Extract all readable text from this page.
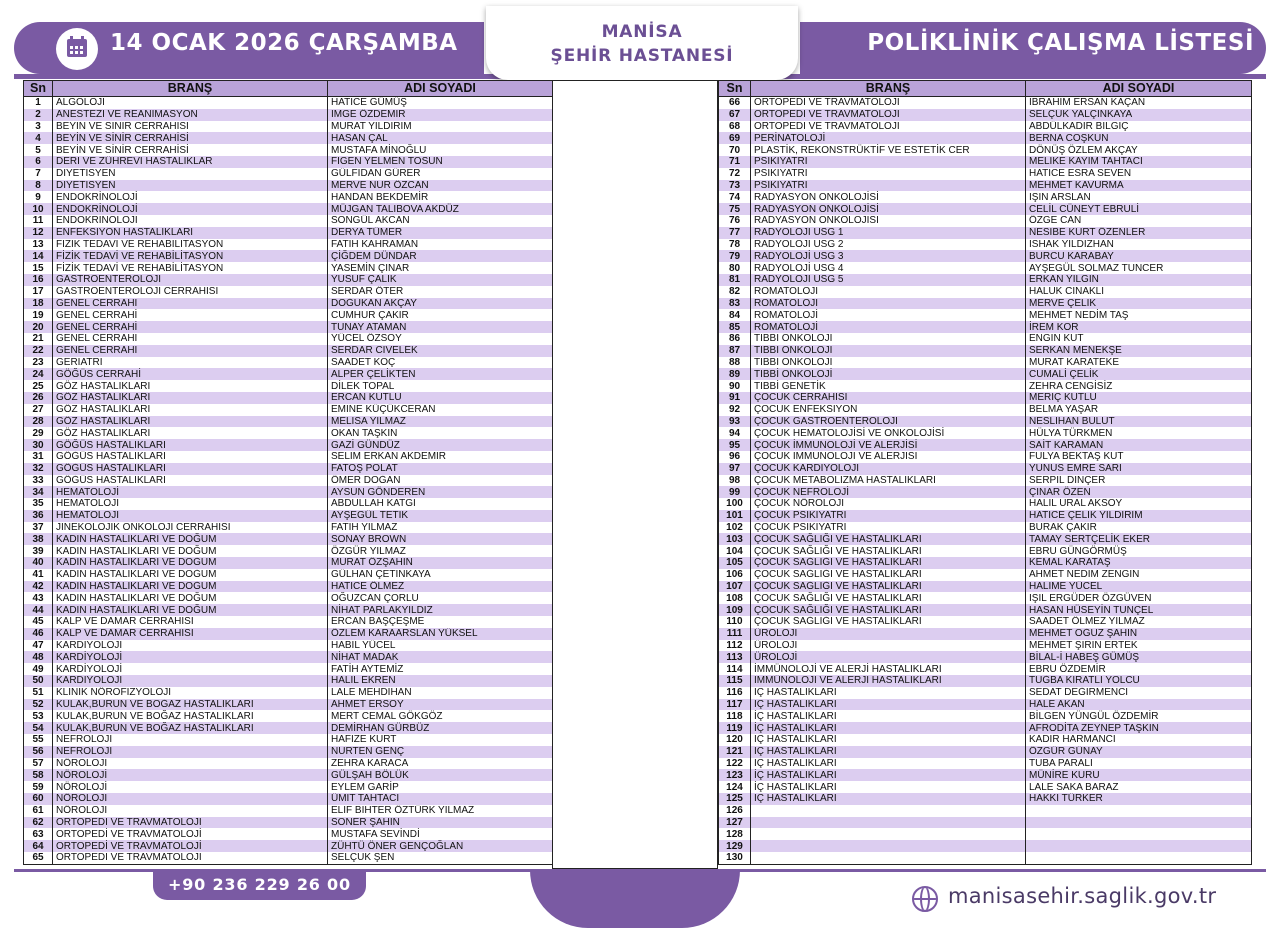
14 OCAK 2026 ÇARŞAMBA	POLİKLİNİK ÇALIŞMA LİSTESİ
MANİSA
ŞEHİR HASTANESİ
Sn	BRANŞ	ADI SOYADI
1	ALGOLOJİ	HATİCE GÜMÜŞ
2	ANESTEZİ VE REANİMASYON	İMGE ÖZDEMİR
3	BEYİN VE SİNİR CERRAHİSİ	MURAT YILDIRIM
4	BEYİN VE SİNİR CERRAHİSİ	HASAN ÇAL
5	BEYİN VE SİNİR CERRAHİSİ	MUSTAFA MİNOĞLU
6	DERİ VE ZÜHREVİ HASTALIKLAR	FİGEN YELMEN TOSUN
7	DİYETİSYEN	GÜLFİDAN GÜRER
8	DİYETİSYEN	MERVE NUR ÖZCAN
9	ENDOKRİNOLOJİ	HANDAN BEKDEMİR
10	ENDOKRİNOLOJİ	MÜJGAN TALIBOVA AKDÜZ
11	ENDOKRİNOLOJİ	SONGÜL AKCAN
12	ENFEKSİYON HASTALIKLARI	DERYA TÜMER
13	FİZİK TEDAVİ VE REHABİLİTASYON	FATİH KAHRAMAN
14	FİZİK TEDAVİ VE REHABİLİTASYON	ÇİĞDEM DÜNDAR
15	FİZİK TEDAVİ VE REHABİLİTASYON	YASEMİN ÇINAR
16	GASTROENTEROLOJİ	YUSUF ÇALIK
17	GASTROENTEROLOJİ CERRAHİSİ	SERDAR ÖTER
18	GENEL CERRAHİ	DOĞUKAN AKÇAY
19	GENEL CERRAHİ	CUMHUR ÇAKIR
20	GENEL CERRAHİ	TUNAY ATAMAN
21	GENEL CERRAHİ	YÜCEL ÖZSOY
22	GENEL CERRAHİ	SERDAR CİVELEK
23	GERİATRİ	SAADET KOÇ
24	GÖĞÜS CERRAHİ	ALPER ÇELİKTEN
25	GÖZ HASTALIKLARI	DİLEK TOPAL
26	GÖZ HASTALIKLARI	ERCAN KUTLU
27	GÖZ HASTALIKLARI	EMİNE KÜÇÜKCERAN
28	GÖZ HASTALIKLARI	MELİSA YILMAZ
29	GÖZ HASTALIKLARI	OKAN TAŞKIN
30	GÖĞÜS HASTALIKLARI	GAZİ GÜNDÜZ
31	GÖĞÜS HASTALIKLARI	SELİM ERKAN AKDEMİR
32	GÖĞÜS HASTALIKLARI	FATOŞ POLAT
33	GÖĞÜS HASTALIKLARI	ÖMER DOĞAN
34	HEMATOLOJİ	AYSUN GÖNDEREN
35	HEMATOLOJİ	ABDULLAH KATGI
36	HEMATOLOJİ	AYŞEGÜL TETİK
37	JİNEKOLOJİK ONKOLOJİ CERRAHİSİ	FATİH YILMAZ
38	KADIN HASTALIKLARI VE DOĞUM	SONAY BROWN
39	KADIN HASTALIKLARI VE DOĞUM	ÖZGÜR YILMAZ
40	KADIN HASTALIKLARI VE DOĞUM	MURAT ÖZŞAHİN
41	KADIN HASTALIKLARI VE DOĞUM	GÜLHAN ÇETİNKAYA
42	KADIN HASTALIKLARI VE DOĞUM	HATİCE ÖLMEZ
43	KADIN HASTALIKLARI VE DOĞUM	OĞUZCAN ÇORLU
44	KADIN HASTALIKLARI VE DOĞUM	NİHAT PARLAKYILDIZ
45	KALP VE DAMAR CERRAHİSİ	ERCAN BAŞÇEŞME
46	KALP VE DAMAR CERRAHİSİ	ÖZLEM KARAARSLAN YÜKSEL
47	KARDİYOLOJİ	HABİL YÜCEL
48	KARDİYOLOJİ	NİHAT MADAK
49	KARDİYOLOJİ	FATİH AYTEMİZ
50	KARDİYOLOJİ	HALİL EKREN
51	KLİNİK NÖROFİZYOLOJİ	LALE MEHDİHAN
52	KULAK,BURUN VE BOĞAZ HASTALIKLARI	AHMET ERSOY
53	KULAK,BURUN VE BOĞAZ HASTALIKLARI	MERT CEMAL GÖKGÖZ
54	KULAK,BURUN VE BOĞAZ HASTALIKLARI	DEMİRHAN GÜRBÜZ
55	NEFROLOJİ	HAFİZE KURT
56	NEFROLOJİ	NURTEN GENÇ
57	NÖROLOJİ	ZEHRA KARACA
58	NÖROLOJİ	GÜLŞAH BÖLÜK
59	NÖROLOJİ	EYLEM GARİP
60	NÖROLOJİ	ÜMİT TAHTACI
61	NÖROLOJİ	ELİF BİHTER ÖZTÜRK YILMAZ
62	ORTOPEDİ VE TRAVMATOLOJİ	SONER ŞAHİN
63	ORTOPEDİ VE TRAVMATOLOJİ	MUSTAFA SEVİNDİ
64	ORTOPEDİ VE TRAVMATOLOJİ	ZÜHTÜ ÖNER GENÇOĞLAN
65	ORTOPEDİ VE TRAVMATOLOJİ	SELÇUK ŞEN
Sn	BRANŞ	ADI SOYADI
66	ORTOPEDİ VE TRAVMATOLOJİ	İBRAHİM ERSAN KAÇAN
67	ORTOPEDİ VE TRAVMATOLOJİ	SELÇUK YALÇINKAYA
68	ORTOPEDİ VE TRAVMATOLOJİ	ABDÜLKADİR BİLGİÇ
69	PERİNATOLOJİ	BERNA COŞKUN
70	PLASTİK, REKONSTRÜKTİF VE ESTETİK CER	DÖNÜŞ ÖZLEM AKÇAY
71	PSİKİYATRİ	MELİKE KAYIM TAHTACI
72	PSİKİYATRİ	HATİCE ESRA SEVEN
73	PSİKİYATRİ	MEHMET KAVURMA
74	RADYASYON ONKOLOJİSİ	IŞIN ARSLAN
75	RADYASYON ONKOLOJİSİ	CELİL CÜNEYT EBRULİ
76	RADYASYON ONKOLOJİSİ	ÖZGE CAN
77	RADYOLOJİ USG 1	NESİBE KURT ÖZENLER
78	RADYOLOJİ USG 2	İSHAK YILDIZHAN
79	RADYOLOJİ USG 3	BURCU KARABAY
80	RADYOLOJİ USG 4	AYŞEGÜL SOLMAZ TUNCER
81	RADYOLOJİ USG 5	ERKAN YILGIN
82	ROMATOLOJİ	HALUK CİNAKLI
83	ROMATOLOJİ	MERVE ÇELİK
84	ROMATOLOJİ	MEHMET NEDİM TAŞ
85	ROMATOLOJİ	İREM KOR
86	TIBBİ ONKOLOJİ	ENGİN KUT
87	TIBBİ ONKOLOJİ	SERKAN MENEKŞE
88	TIBBİ ONKOLOJİ	MURAT KARATEKE
89	TIBBİ ONKOLOJİ	CUMALİ ÇELİK
90	TIBBİ GENETİK	ZEHRA CENGİSİZ
91	ÇOCUK CERRAHİSİ	MERİÇ KUTLU
92	ÇOCUK ENFEKSİYON	BELMA YAŞAR
93	ÇOCUK GASTROENTEROLOJİ	NESLİHAN BULUT
94	ÇOCUK HEMATOLOJİSİ VE ONKOLOJİSİ	HÜLYA TÜRKMEN
95	ÇOCUK İMMUNOLOJİ VE ALERJİSİ	SAİT KARAMAN
96	ÇOCUK İMMUNOLOJİ VE ALERJİSİ	FULYA BEKTAŞ KUT
97	ÇOCUK KARDİYOLOJİ	YUNUS EMRE SARI
98	ÇOCUK METABOLİZMA HASTALIKLARI	SERPİL DİNÇER
99	ÇOCUK NEFROLOJİ	ÇINAR ÖZEN
100	ÇOCUK NÖROLOJİ	HALİL URAL AKSOY
101	ÇOCUK PSİKİYATRİ	HATİCE ÇELİK YILDIRIM
102	ÇOCUK PSİKİYATRİ	BURAK ÇAKIR
103	ÇOCUK SAĞLIĞI VE HASTALIKLARI	TAMAY SERTÇELİK EKER
104	ÇOCUK SAĞLIĞI VE HASTALIKLARI	EBRU GÜNGÖRMÜŞ
105	ÇOCUK SAĞLIĞI VE HASTALIKLARI	KEMAL KARATAŞ
106	ÇOCUK SAĞLIĞI VE HASTALIKLARI	AHMET NEDİM ZENGİN
107	ÇOCUK SAĞLIĞI VE HASTALIKLARI	HALİME YÜCEL
108	ÇOCUK SAĞLIĞI VE HASTALIKLARI	IŞIL ERGÜDER ÖZGÜVEN
109	ÇOCUK SAĞLIĞI VE HASTALIKLARI	HASAN HÜSEYİN TUNÇEL
110	ÇOCUK SAĞLIĞI VE HASTALIKLARI	SAADET ÖLMEZ YILMAZ
111	ÜROLOJİ	MEHMET OĞUZ ŞAHİN
112	ÜROLOJİ	MEHMET ŞİRİN ERTEK
113	ÜROLOJİ	BİLAL-İ HABEŞ GÜMÜŞ
114	İMMÜNOLOJİ VE ALERJİ HASTALIKLARI	EBRU ÖZDEMİR
115	İMMÜNOLOJİ VE ALERJİ HASTALIKLARI	TUĞBA KIRATLI YOLCU
116	İÇ HASTALIKLARI	SEDAT DEĞİRMENCİ
117	İÇ HASTALIKLARI	HALE AKAN
118	İÇ HASTALIKLARI	BİLGEN YÜNGÜL ÖZDEMİR
119	İÇ HASTALIKLARI	AFRODİTA ZEYNEP TAŞKIN
120	İÇ HASTALIKLARI	KADİR HARMANCI
121	İÇ HASTALIKLARI	ÖZGÜR GÜNAY
122	İÇ HASTALIKLARI	TUBA PARALI
123	İÇ HASTALIKLARI	MÜNİRE KURU
124	İÇ HASTALIKLARI	LALE SAKA BARAZ
125	İÇ HASTALIKLARI	HAKKI TÜRKER
126		
127		
128		
129		
130		
+90 236 229 26 00	manisasehir.saglik.gov.tr
